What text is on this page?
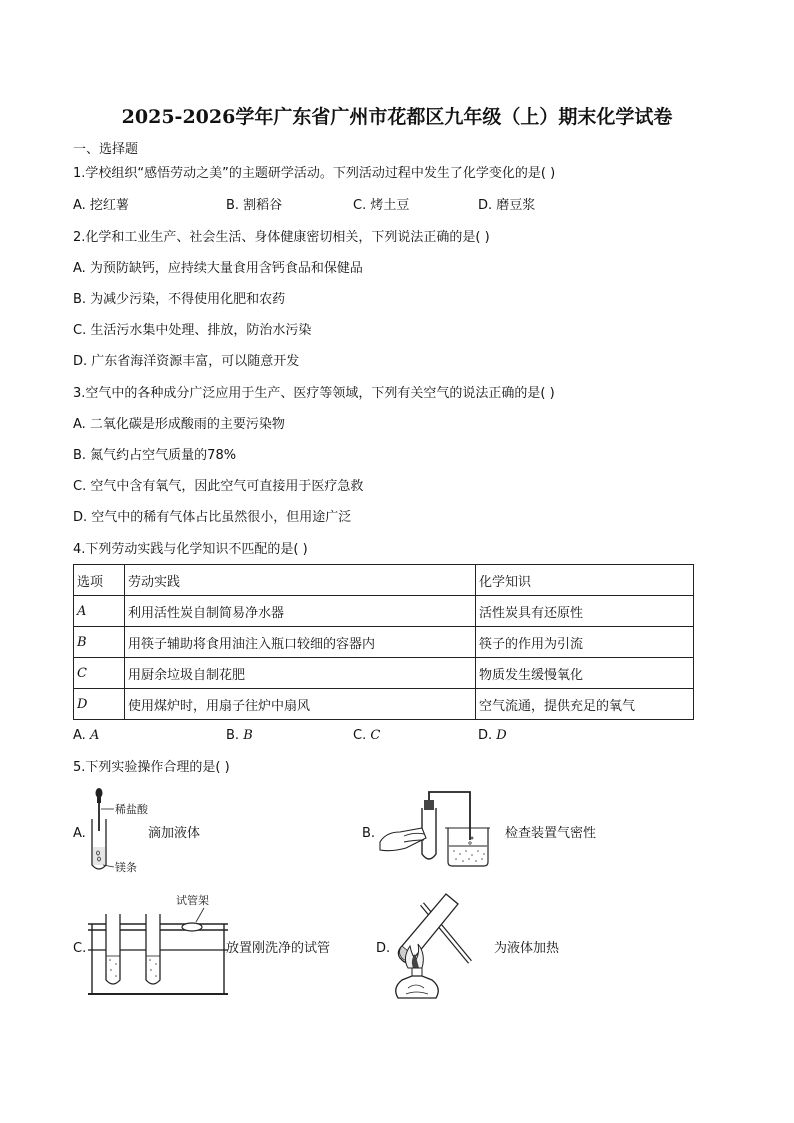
2025-2026学年广东省广州市花都区九年级（上）期末化学试卷
一、选择题
1.学校组织“感悟劳动之美”的主题研学活动。下列活动过程中发生了化学变化的是( )
A. 挖红薯	B. 割稻谷	C. 烤土豆	D. 磨豆浆
2.化学和工业生产、社会生活、身体健康密切相关，下列说法正确的是( )
A. 为预防缺钙，应持续大量食用含钙食品和保健品
B. 为减少污染，不得使用化肥和农药
C. 生活污水集中处理、排放，防治水污染
D. 广东省海洋资源丰富，可以随意开发
3.空气中的各种成分广泛应用于生产、医疗等领域，下列有关空气的说法正确的是( )
A. 二氧化碳是形成酸雨的主要污染物
B. 氮气约占空气质量的78%
C. 空气中含有氧气，因此空气可直接用于医疗急救
D. 空气中的稀有气体占比虽然很小，但用途广泛
4.下列劳动实践与化学知识不匹配的是( )
选项	劳动实践	化学知识
A	利用活性炭自制简易净水器	活性炭具有还原性
B	用筷子辅助将食用油注入瓶口较细的容器内	筷子的作用为引流
C	用厨余垃圾自制花肥	物质发生缓慢氧化
D	使用煤炉时，用扇子往炉中扇风	空气流通，提供充足的氧气
A. A	B. B	C. C	D. D
5.下列实验操作合理的是( )
A.
稀盐酸
镁条
滴加液体	B.	检查装置气密性
C.
试管架
放置刚洗净的试管	D.	为液体加热
